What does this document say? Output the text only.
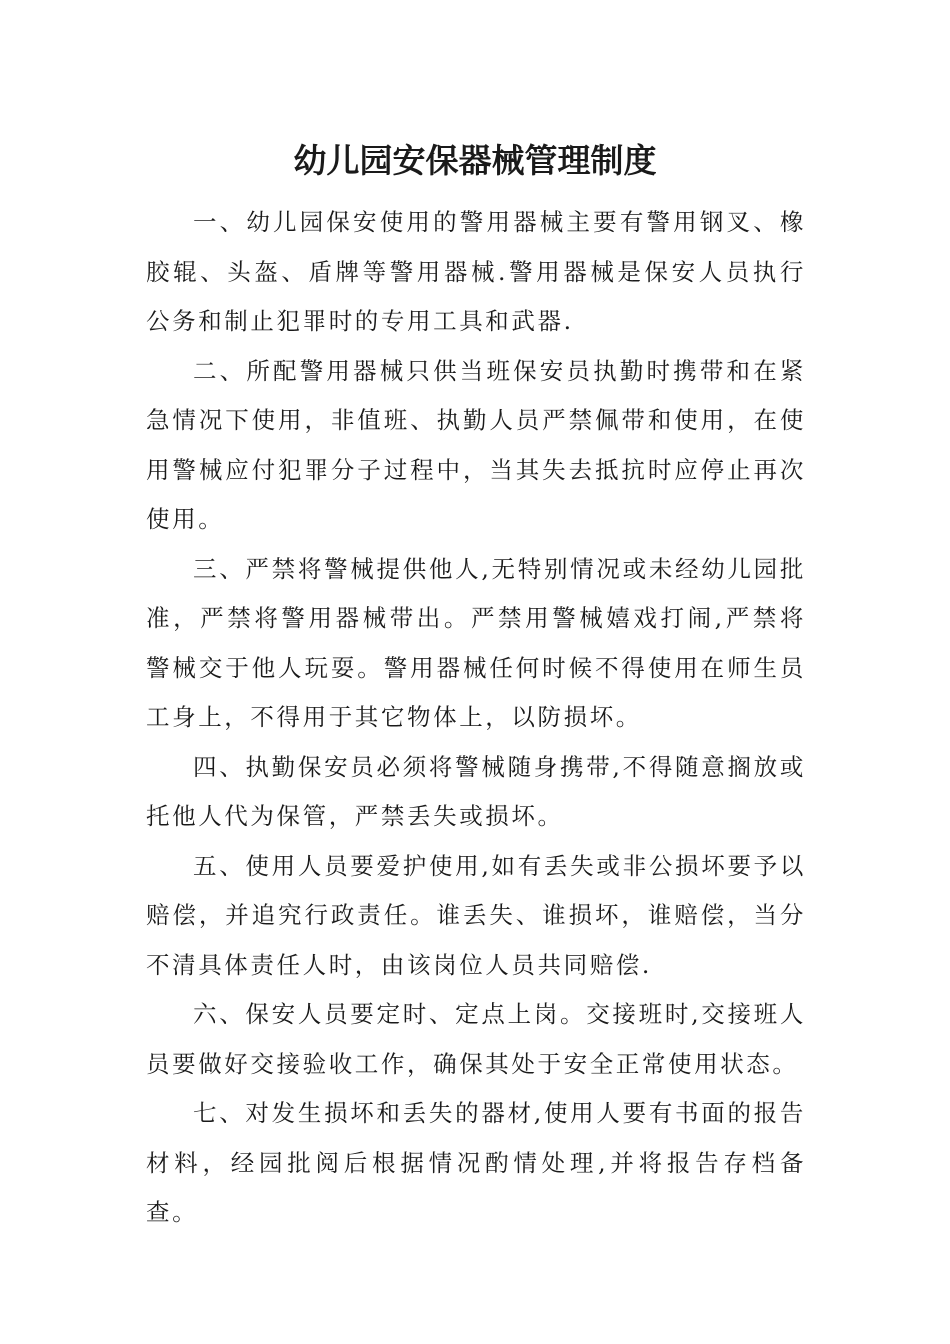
幼儿园安保器械管理制度

一、幼儿园保安使用的警用器械主要有警用钢叉、橡胶辊、头盔、盾牌等警用器械.警用器械是保安人员执行公务和制止犯罪时的专用工具和武器.

二、所配警用器械只供当班保安员执勤时携带和在紧急情况下使用，非值班、执勤人员严禁佩带和使用，在使用警械应付犯罪分子过程中，当其失去抵抗时应停止再次使用。

三、严禁将警械提供他人,无特别情况或未经幼儿园批准，严禁将警用器械带出。严禁用警械嬉戏打闹,严禁将警械交于他人玩耍。警用器械任何时候不得使用在师生员工身上，不得用于其它物体上，以防损坏。

四、执勤保安员必须将警械随身携带,不得随意搁放或托他人代为保管，严禁丢失或损坏。

五、使用人员要爱护使用,如有丢失或非公损坏要予以赔偿，并追究行政责任。谁丢失、谁损坏，谁赔偿，当分不清具体责任人时，由该岗位人员共同赔偿.

六、保安人员要定时、定点上岗。交接班时,交接班人员要做好交接验收工作，确保其处于安全正常使用状态。

七、对发生损坏和丢失的器材,使用人要有书面的报告材料，经园批阅后根据情况酌情处理,并将报告存档备查。
